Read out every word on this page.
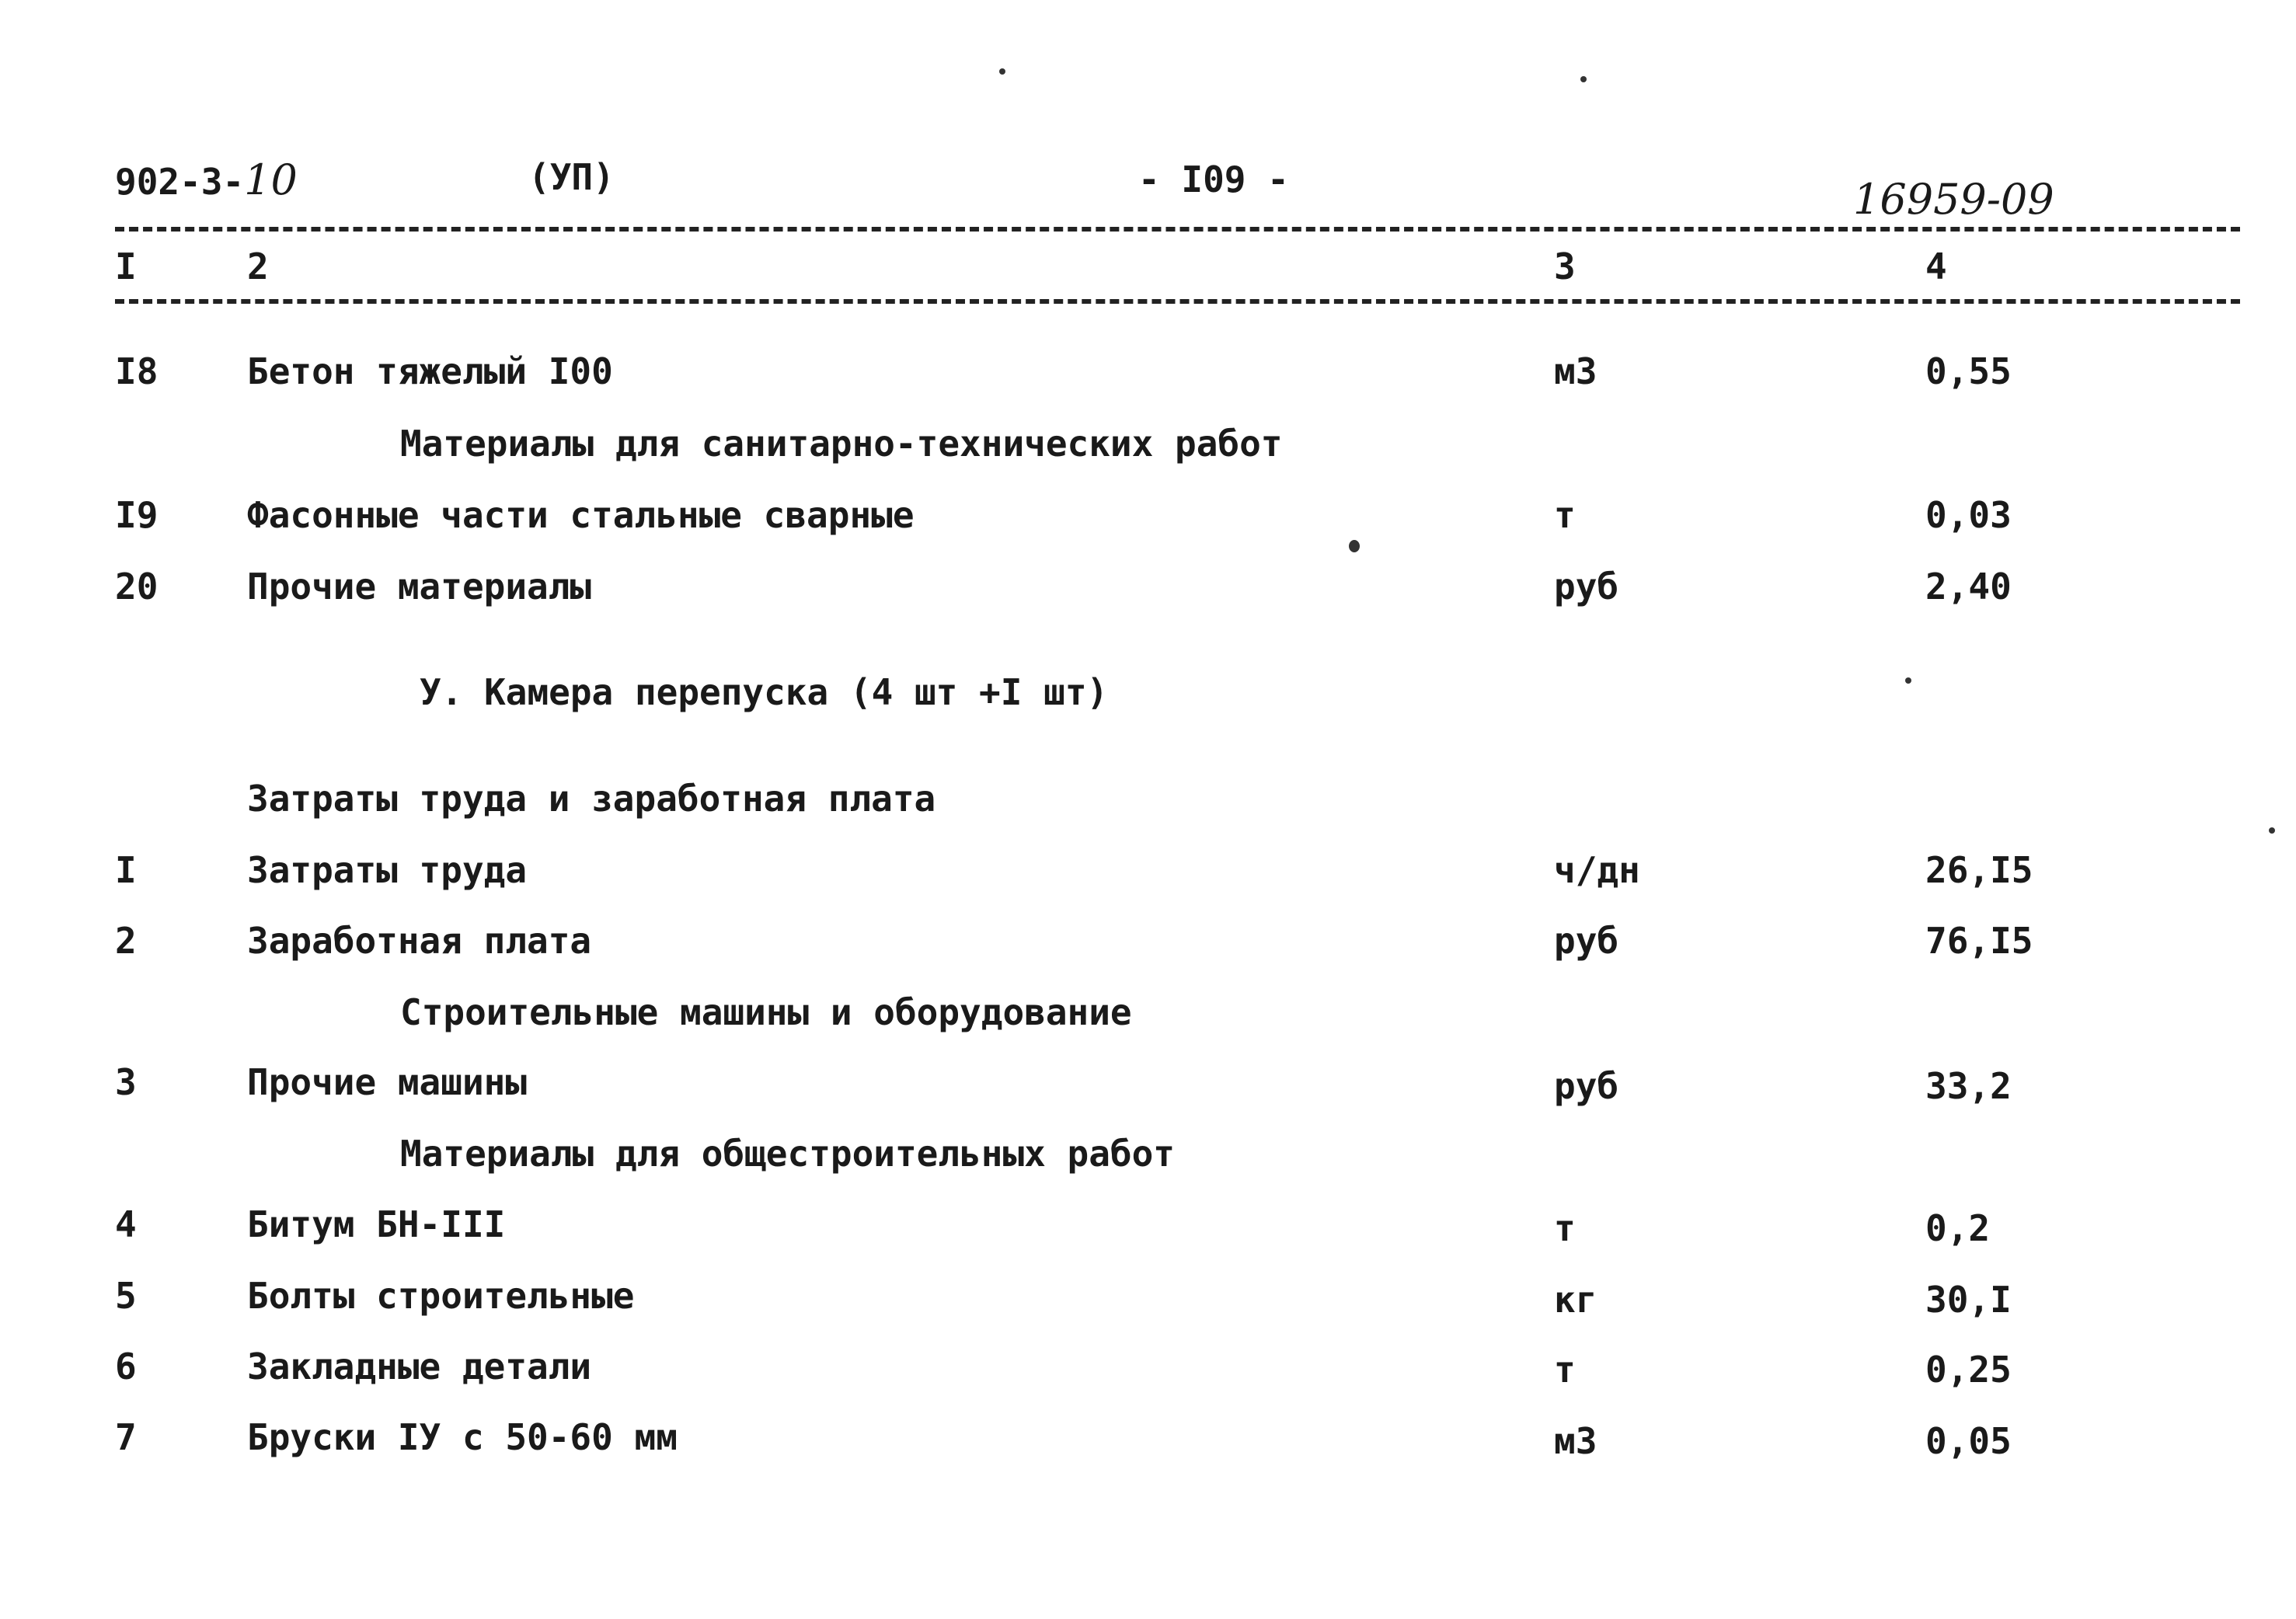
902-3-10	(УП)	- I09 -	16959-09
I	2	3	4
I8 Бетон тяжелый I00	м3	0,55
Материалы для санитарно-технических работ
I9 Фасонные части стальные сварные	т	0,03
20 Прочие материалы	руб	2,40
У. Камера перепуска (4 шт +I шт)
Затраты труда и заработная плата
I	Затраты труда	ч/дн	26,I5
2	Заработная плата	руб	76,I5
Строительные машины и оборудование
3	Прочие машины	руб	33,2
Материалы для общестроительных работ
4	Битум БН-III	т	0,2
5	Болты строительные	кг	30,I
6	Закладные детали	т	0,25
7	Бруски IУ с 50-60 мм	м3	0,05
